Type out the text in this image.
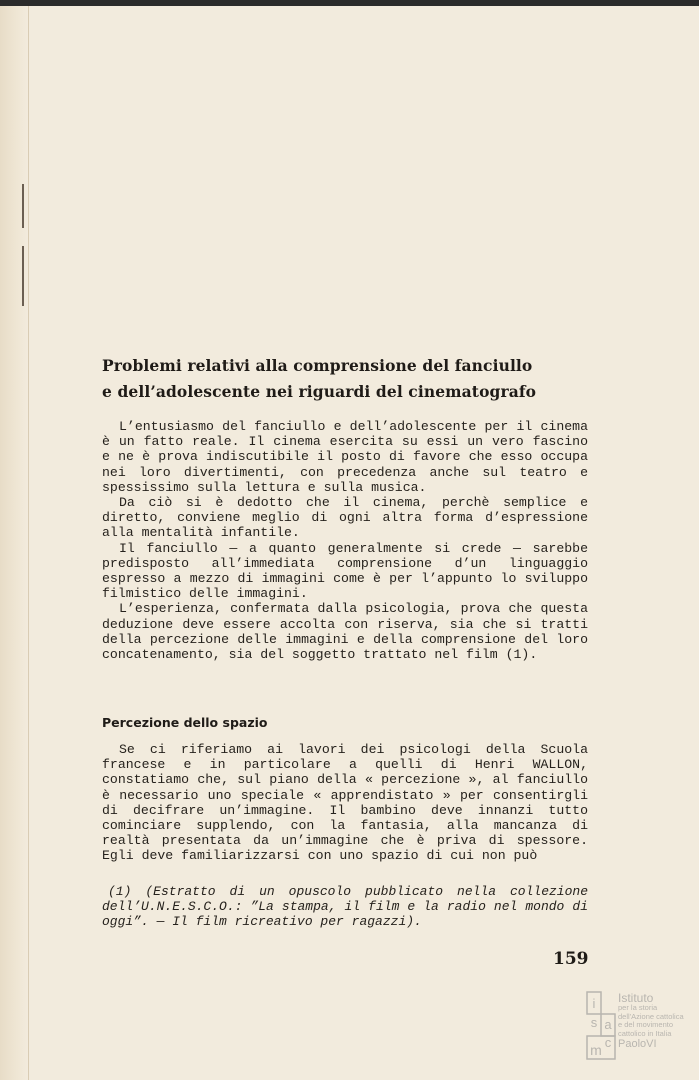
Problemi relativi alla comprensione del fanciullo
e dell’adolescente nei riguardi del cinematografo

L’entusiasmo del fanciullo e dell’adolescente per il cinema è un fatto reale. Il cinema esercita su essi un vero fascino e ne è prova indiscutibile il posto di favore che esso occupa nei loro divertimenti, con precedenza anche sul teatro e spessissimo sulla lettura e sulla musica.

Da ciò si è dedotto che il cinema, perchè semplice e diretto, conviene meglio di ogni altra forma d’espressione alla mentalità infantile.

Il fanciullo — a quanto generalmente si crede — sarebbe predisposto all’immediata comprensione d’un linguaggio espresso a mezzo di immagini come è per l’appunto lo sviluppo filmistico delle immagini.

L’esperienza, confermata dalla psicologia, prova che questa deduzione deve essere accolta con riserva, sia che si tratti della percezione delle immagini e della comprensione del loro concatenamento, sia del soggetto trattato nel film (1).

Percezione dello spazio

Se ci riferiamo ai lavori dei psicologi della Scuola francese e in particolare a quelli di Henri WALLON, constatiamo che, sul piano della « percezione », al fanciullo è necessario uno speciale « apprendistato » per consentirgli di decifrare un’immagine. Il bambino deve innanzi tutto cominciare supplendo, con la fantasia, alla mancanza di realtà presentata da un’immagine che è priva di spessore. Egli deve familiarizzarsi con uno spazio di cui non può

(1) (Estratto di un opuscolo pubblicato nella collezione dell’U.N.E.S.C.O.: ”La stampa, il film e la radio nel mondo di oggi”. — Il film ricreativo per ragazzi).
159
i
s a
c
m
Istituto
per la storia
dell'Azione cattolica
e del movimento
cattolico in Italia
PaoloVI
